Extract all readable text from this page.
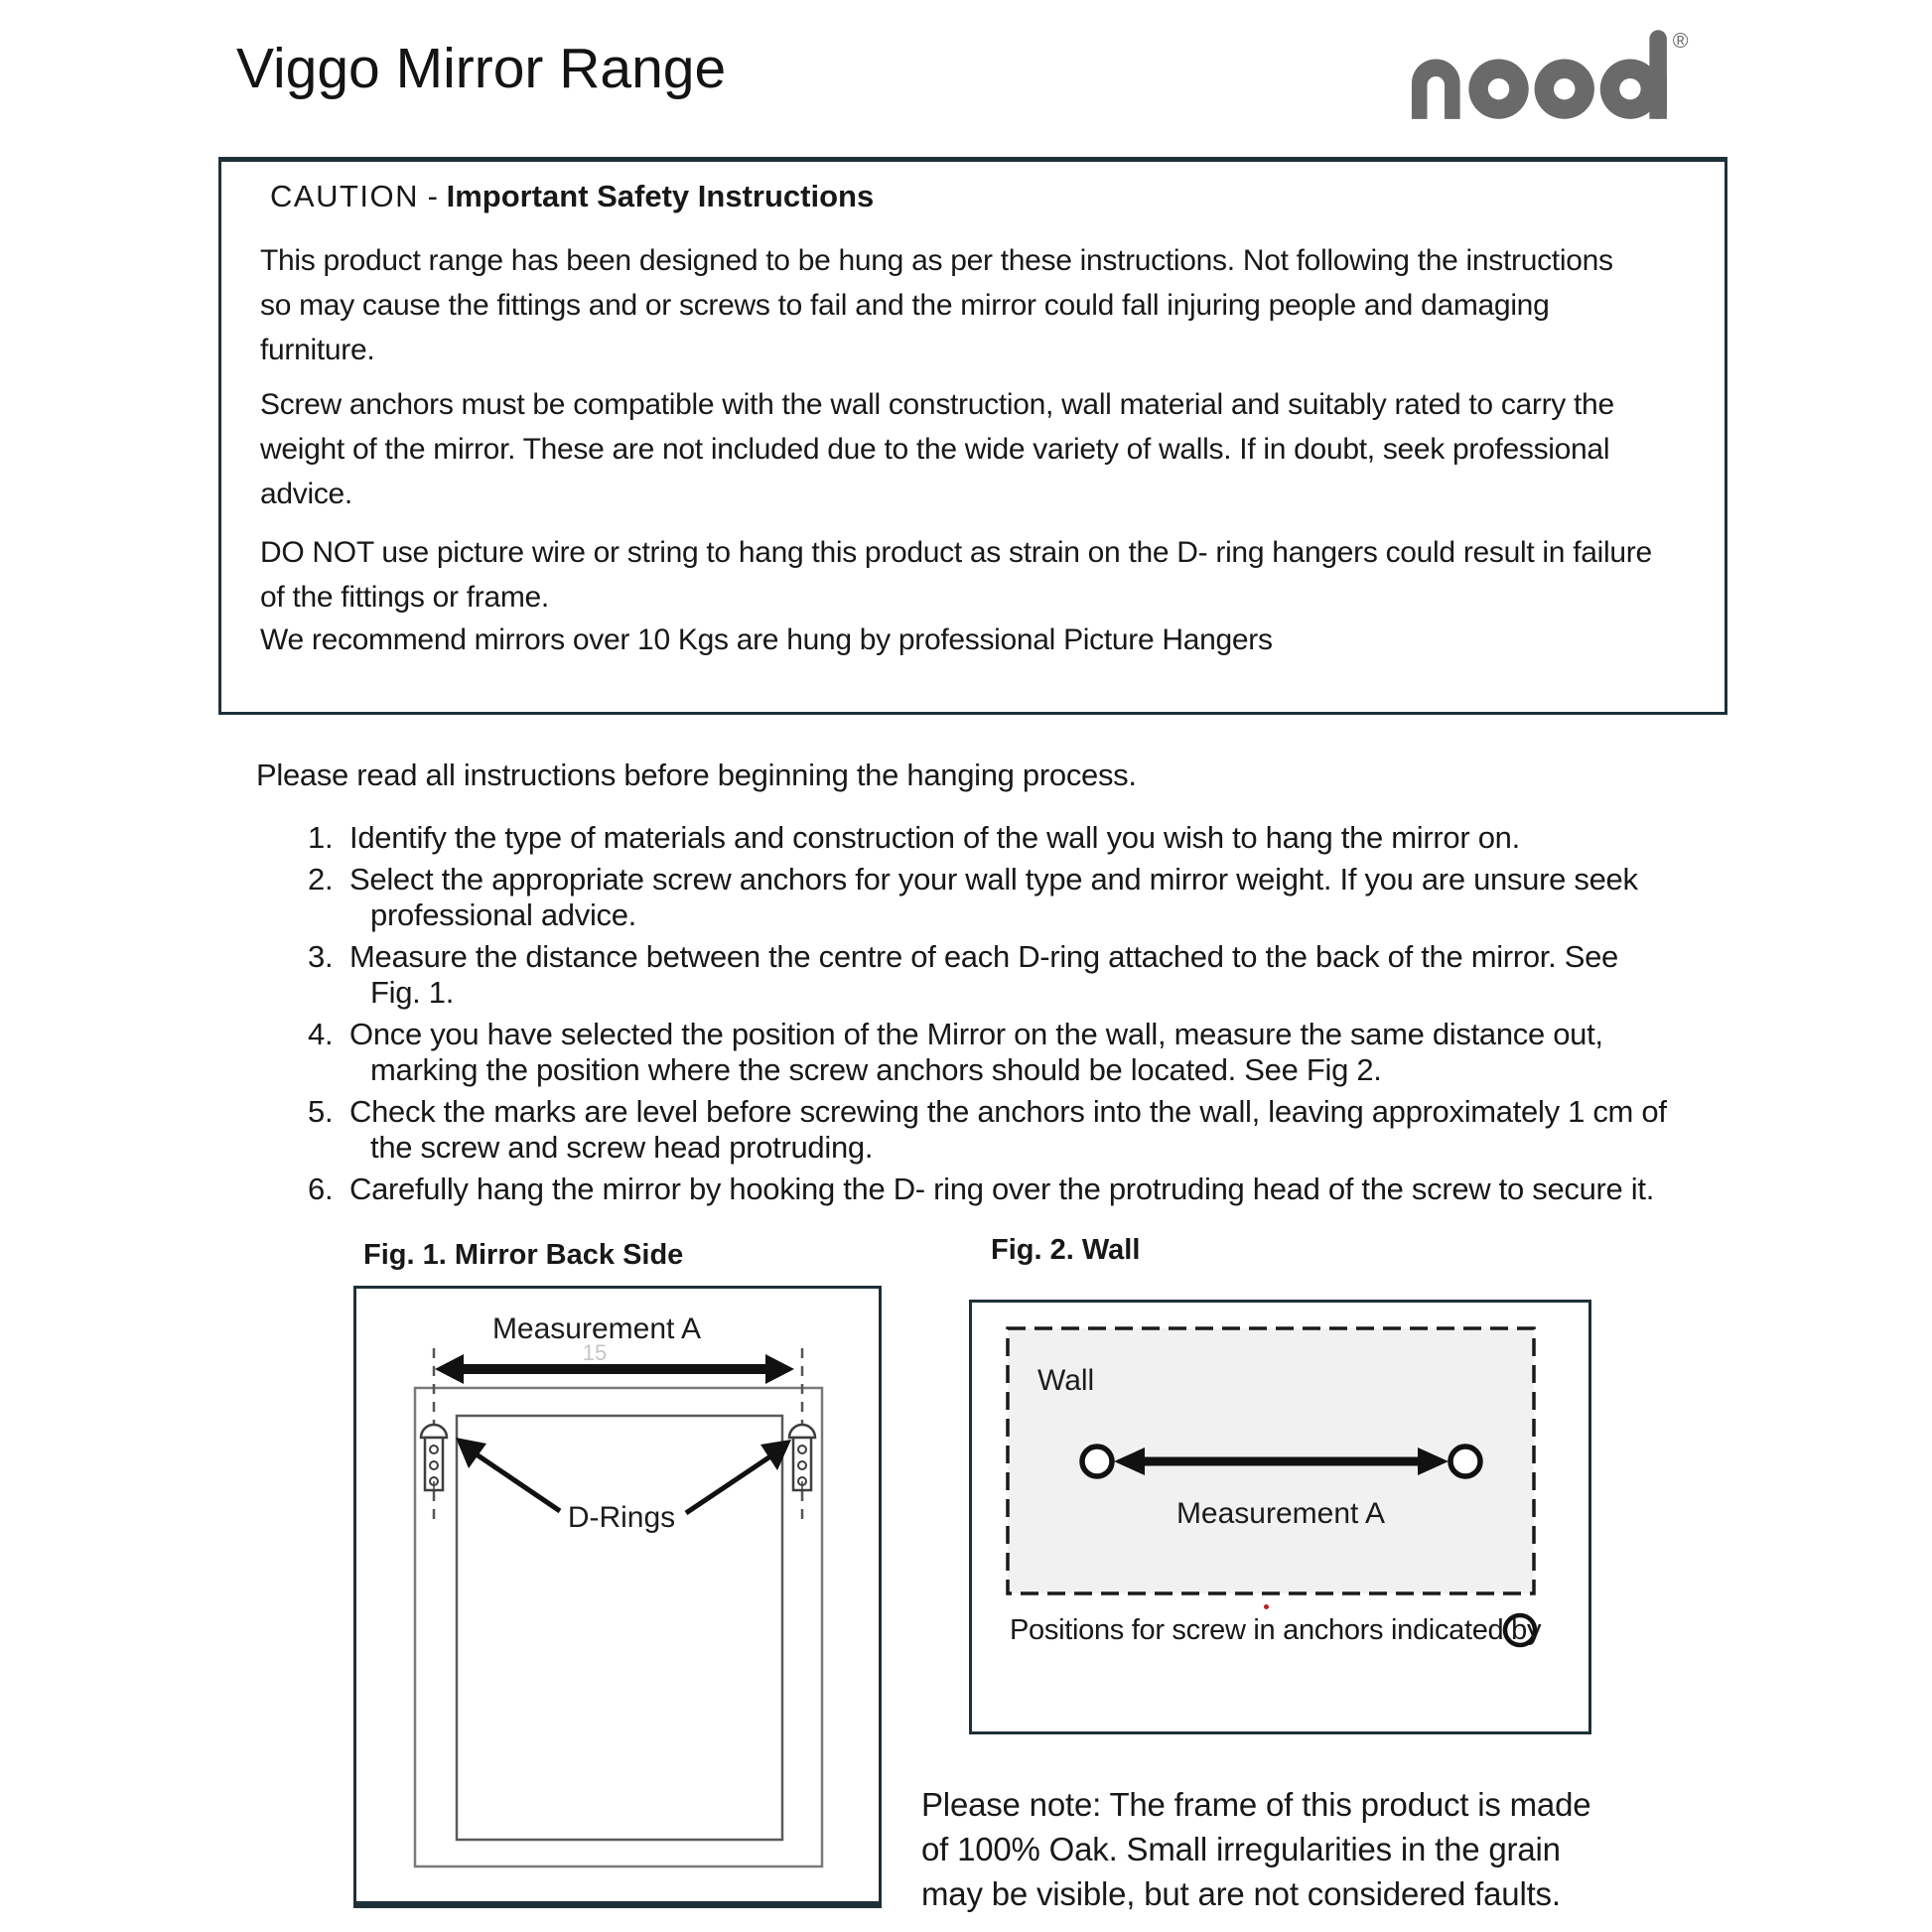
Viggo Mirror Range	®
CAUTION - Important Safety Instructions
This product range has been designed to be hung as per these instructions. Not following the instructions
so may cause the fittings and or screws to fail and the mirror could fall injuring people and damaging
furniture.
Screw anchors must be compatible with the wall construction, wall material and suitably rated to carry the
weight of the mirror. These are not included due to the wide variety of walls. If in doubt, seek professional
advice.
DO NOT use picture wire or string to hang this product as strain on the D- ring hangers could result in failure
of the fittings or frame.
We recommend mirrors over 10 Kgs are hung by professional Picture Hangers
Please read all instructions before beginning the hanging process.
1. Identify the type of materials and construction of the wall you wish to hang the mirror on.
2. Select the appropriate screw anchors for your wall type and mirror weight. If you are unsure seek
professional advice.
3. Measure the distance between the centre of each D-ring attached to the back of the mirror. See
Fig. 1.
4. Once you have selected the position of the Mirror on the wall, measure the same distance out,
marking the position where the screw anchors should be located. See Fig 2.
5. Check the marks are level before screwing the anchors into the wall, leaving approximately 1 cm of
the screw and screw head protruding.
6. Carefully hang the mirror by hooking the D- ring over the protruding head of the screw to secure it.
Fig. 1. Mirror Back Side
Measurement A
15
D-Rings
Fig. 2. Wall
Wall
Measurement A
Positions for screw in anchors indicated by
Please note: The frame of this product is made
of 100% Oak. Small irregularities in the grain
may be visible, but are not considered faults.
